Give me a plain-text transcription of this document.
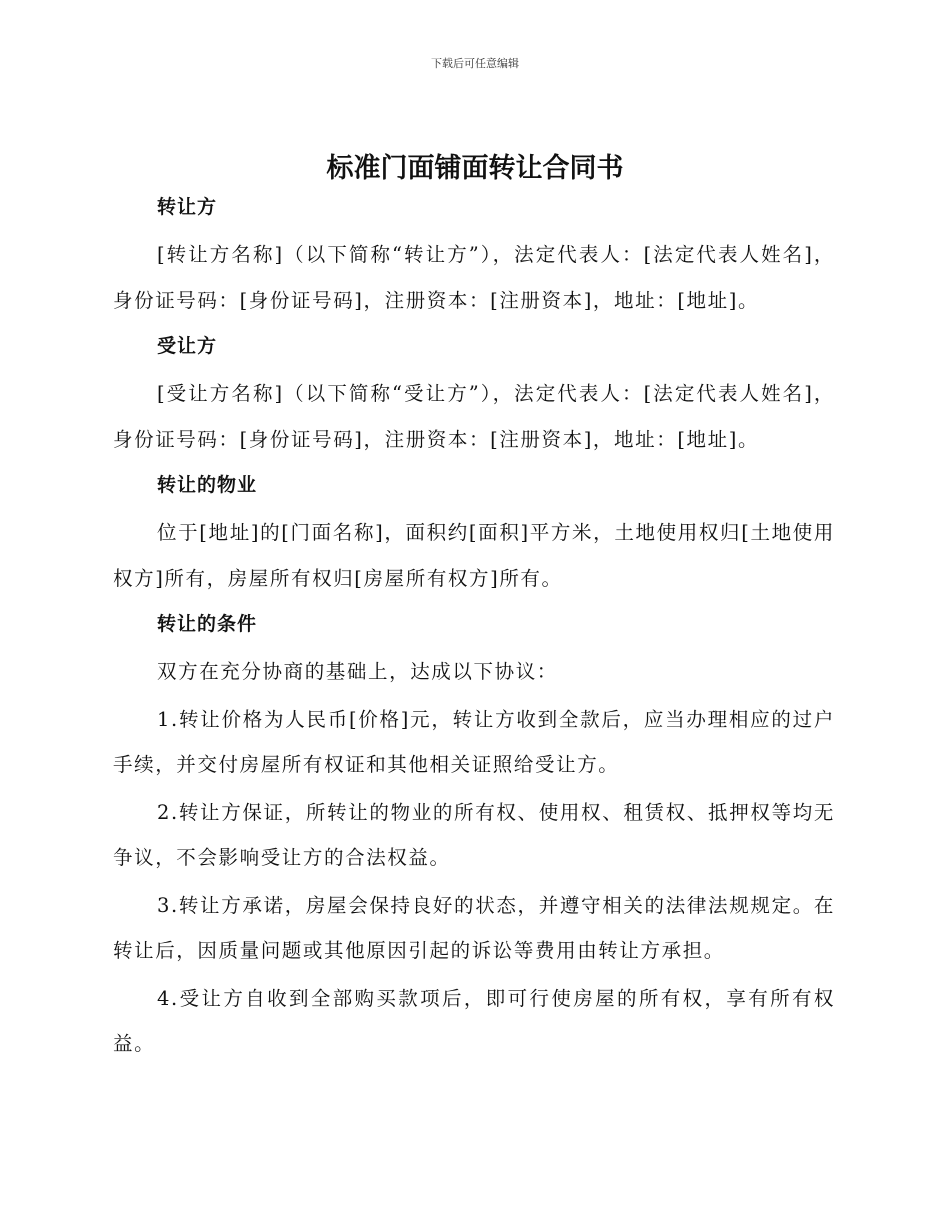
下载后可任意编辑
标准门面铺面转让合同书

转让方

[转让方名称]（以下简称“转让方”），法定代表人：[法定代表人姓名]，身份证号码：[身份证号码]，注册资本：[注册资本]，地址：[地址]。

受让方

[受让方名称]（以下简称“受让方”），法定代表人：[法定代表人姓名]，身份证号码：[身份证号码]，注册资本：[注册资本]，地址：[地址]。

转让的物业

位于[地址]的[门面名称]，面积约[面积]平方米，土地使用权归[土地使用权方]所有，房屋所有权归[房屋所有权方]所有。

转让的条件

双方在充分协商的基础上，达成以下协议：

1.转让价格为人民币[价格]元，转让方收到全款后，应当办理相应的过户手续，并交付房屋所有权证和其他相关证照给受让方。

2.转让方保证，所转让的物业的所有权、使用权、租赁权、抵押权等均无争议，不会影响受让方的合法权益。

3.转让方承诺，房屋会保持良好的状态，并遵守相关的法律法规规定。在转让后，因质量问题或其他原因引起的诉讼等费用由转让方承担。

4.受让方自收到全部购买款项后，即可行使房屋的所有权，享有所有权益。
